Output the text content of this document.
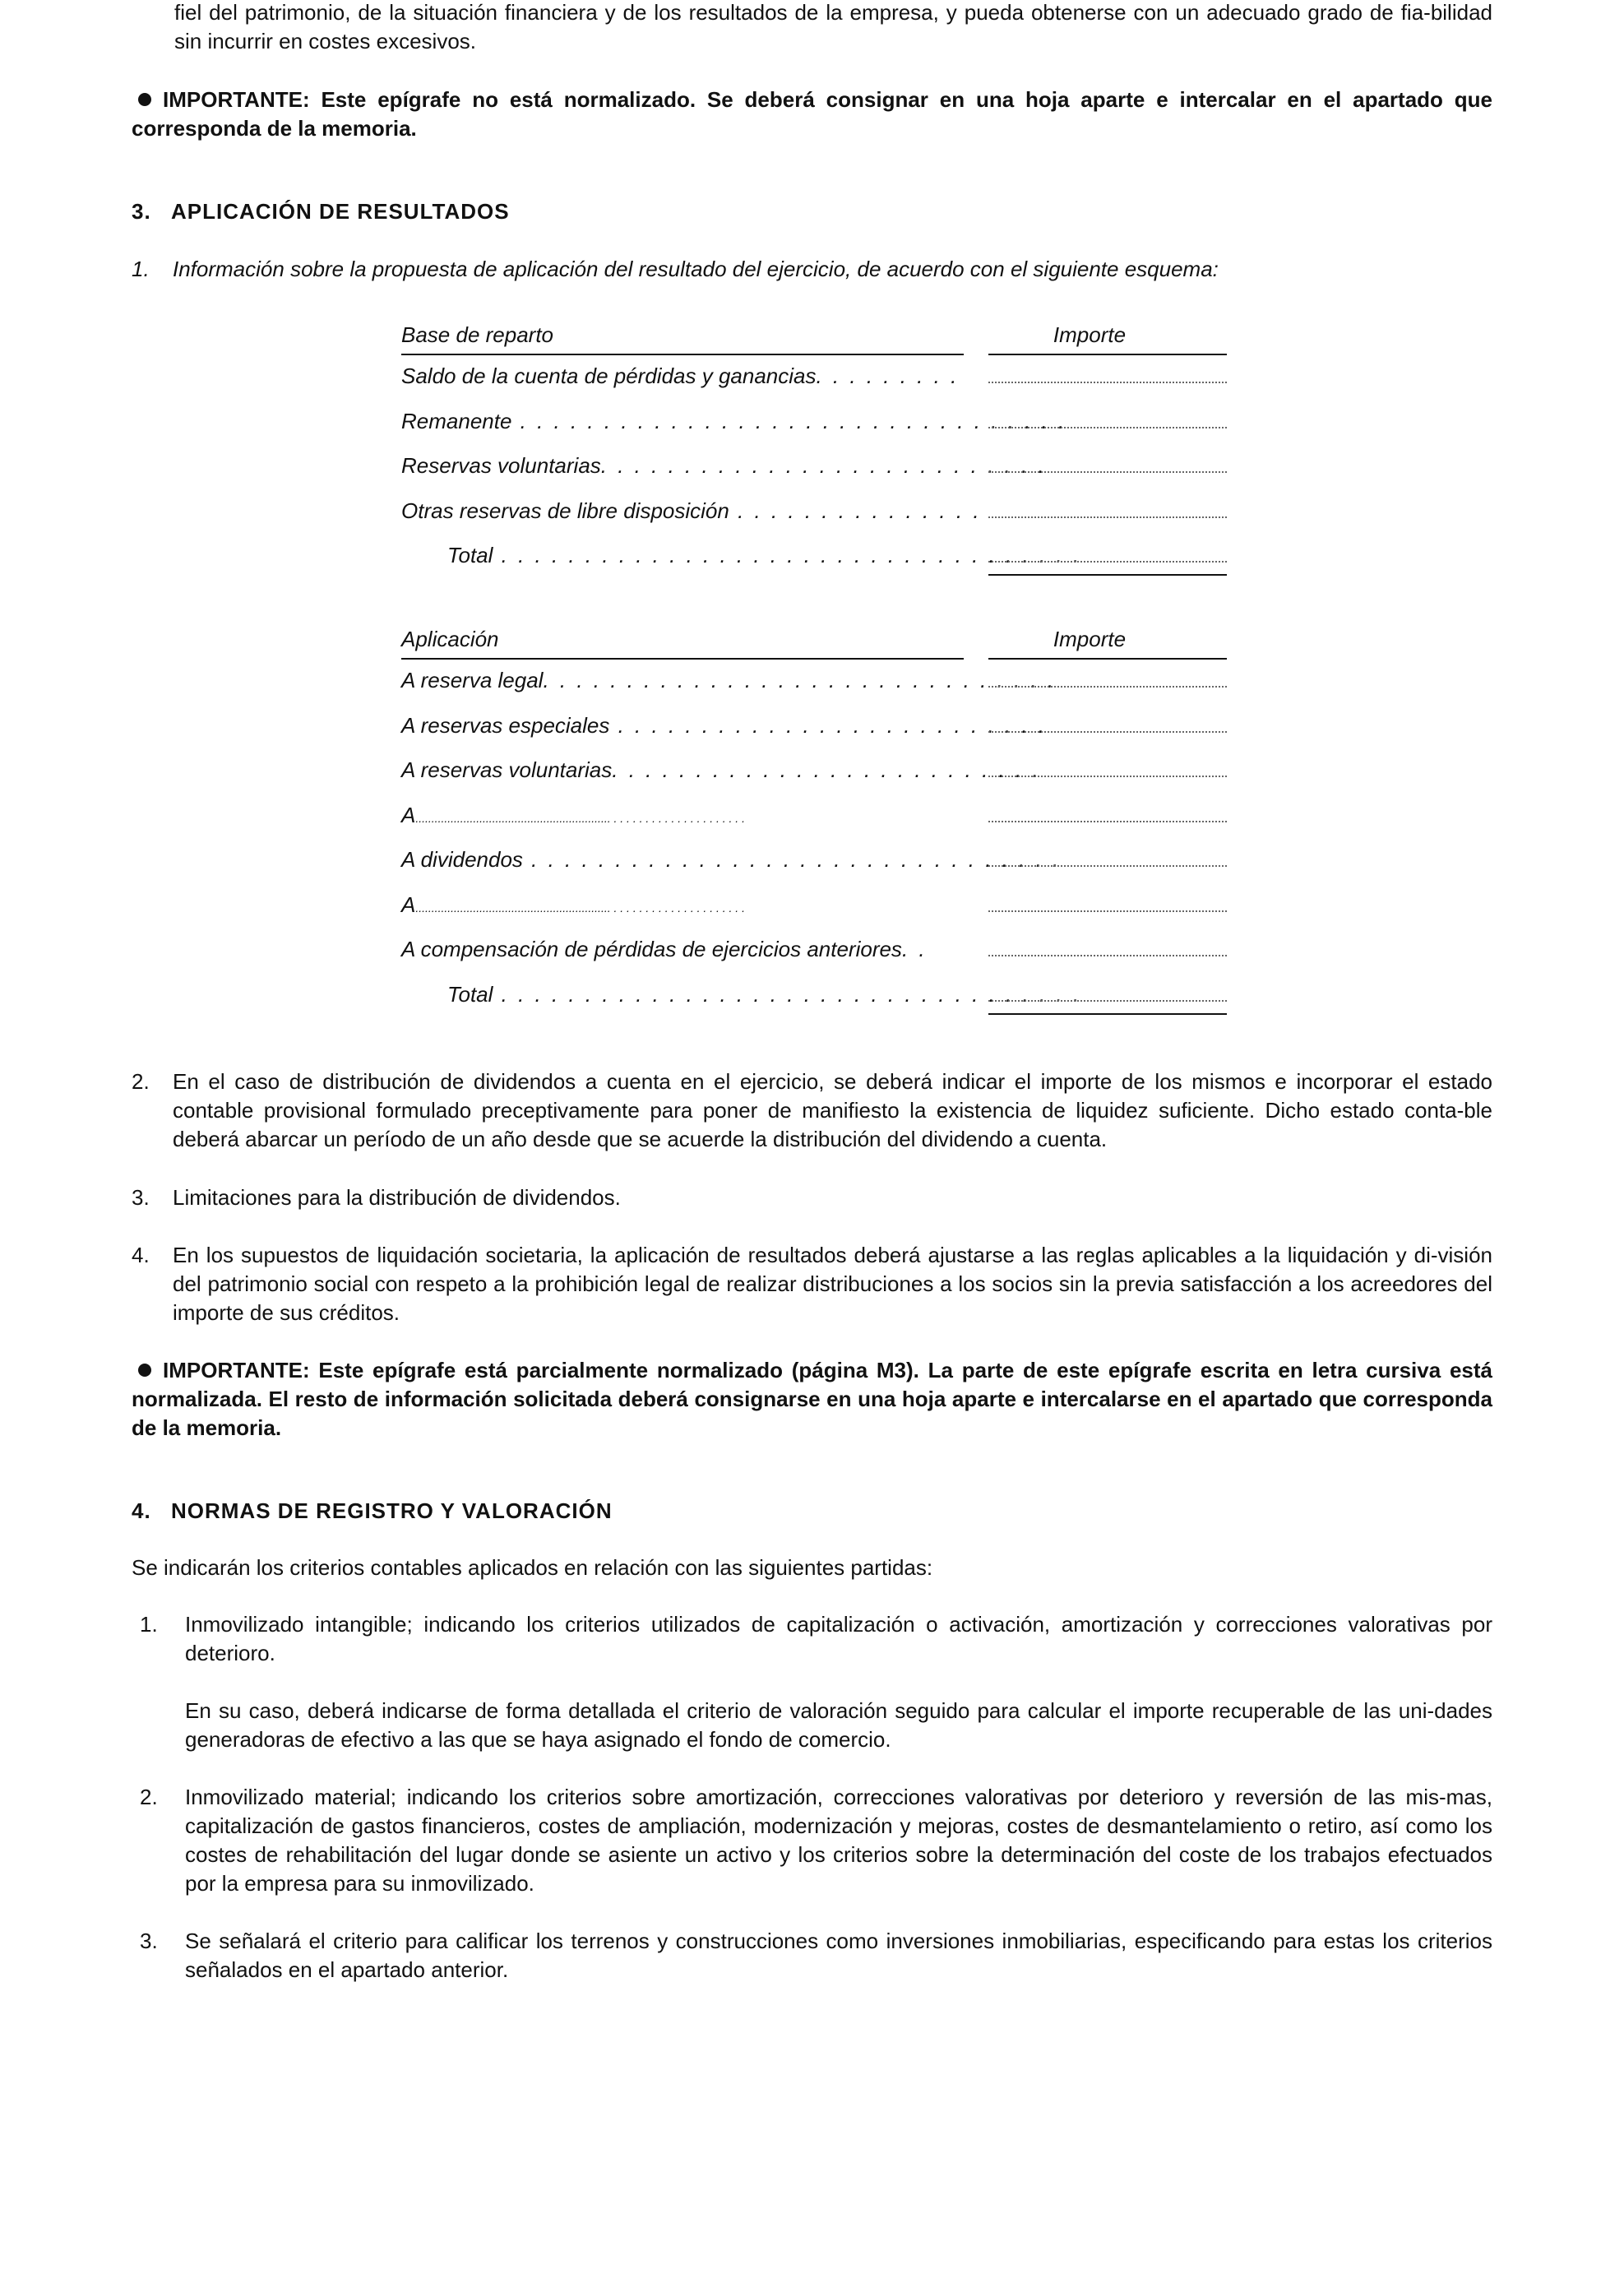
fiel del patrimonio, de la situación financiera y de los resultados de la empresa, y pueda obtenerse con un adecuado grado de fia-bilidad sin incurrir en costes excesivos.

IMPORTANTE: Este epígrafe no está normalizado. Se deberá consignar en una hoja aparte e intercalar en el apartado que corresponda de la memoria.

3. APLICACIÓN DE RESULTADOS

1. Información sobre la propuesta de aplicación del resultado del ejercicio, de acuerdo con el siguiente esquema:

Base de reparto	Importe
Saldo de la cuenta de pérdidas y ganancias. . . . . . . . .
Remanente . . . . . . . . . . . . . . . . . . . . . . . . . . . . . . . . .
Reservas voluntarias. . . . . . . . . . . . . . . . . . . . . . . . . . .
Otras reservas de libre disposición . . . . . . . . . . . . . . .
Total . . . . . . . . . . . . . . . . . . . . . . . . . . . . . . . . . . .
Aplicación	Importe
A reserva legal. . . . . . . . . . . . . . . . . . . . . . . . . . . . . . .
A reservas especiales . . . . . . . . . . . . . . . . . . . . . . . . . .
A reservas voluntarias. . . . . . . . . . . . . . . . . . . . . . . . . .
A............................................................. . . . . . . . . . . . . . . . . . . . . .
A dividendos . . . . . . . . . . . . . . . . . . . . . . . . . . . . . . . .
A............................................................. . . . . . . . . . . . . . . . . . . . . .
A compensación de pérdidas de ejercicios anteriores. .
Total . . . . . . . . . . . . . . . . . . . . . . . . . . . . . . . . . . .

2. En el caso de distribución de dividendos a cuenta en el ejercicio, se deberá indicar el importe de los mismos e incorporar el estado contable provisional formulado preceptivamente para poner de manifiesto la existencia de liquidez suficiente. Dicho estado conta-ble deberá abarcar un período de un año desde que se acuerde la distribución del dividendo a cuenta.

3. Limitaciones para la distribución de dividendos.

4. En los supuestos de liquidación societaria, la aplicación de resultados deberá ajustarse a las reglas aplicables a la liquidación y di-visión del patrimonio social con respeto a la prohibición legal de realizar distribuciones a los socios sin la previa satisfacción a los acreedores del importe de sus créditos.

IMPORTANTE: Este epígrafe está parcialmente normalizado (página M3). La parte de este epígrafe escrita en letra cursiva está normalizada. El resto de información solicitada deberá consignarse en una hoja aparte e intercalarse en el apartado que corresponda de la memoria.

4. NORMAS DE REGISTRO Y VALORACIÓN

Se indicarán los criterios contables aplicados en relación con las siguientes partidas:

1. Inmovilizado intangible; indicando los criterios utilizados de capitalización o activación, amortización y correcciones valorativas por deterioro.

En su caso, deberá indicarse de forma detallada el criterio de valoración seguido para calcular el importe recuperable de las uni-dades generadoras de efectivo a las que se haya asignado el fondo de comercio.

2. Inmovilizado material; indicando los criterios sobre amortización, correcciones valorativas por deterioro y reversión de las mis-mas, capitalización de gastos financieros, costes de ampliación, modernización y mejoras, costes de desmantelamiento o retiro, así como los costes de rehabilitación del lugar donde se asiente un activo y los criterios sobre la determinación del coste de los trabajos efectuados por la empresa para su inmovilizado.

3. Se señalará el criterio para calificar los terrenos y construcciones como inversiones inmobiliarias, especificando para estas los criterios señalados en el apartado anterior.
